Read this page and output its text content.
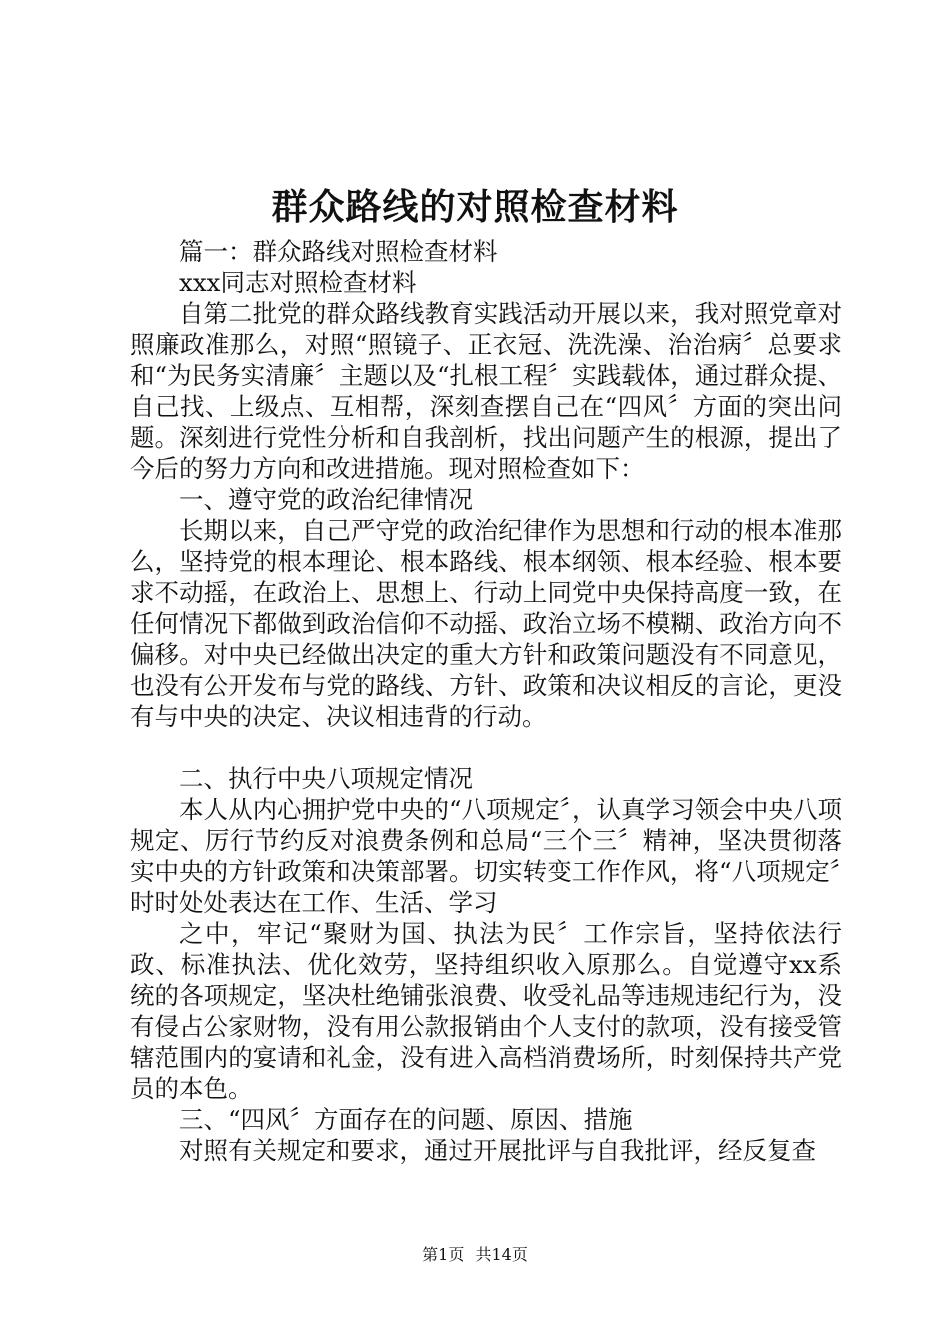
群众路线的对照检查材料

篇一：群众路线对照检查材料

xxx同志对照检查材料

自第二批党的群众路线教育实践活动开展以来，我对照党章对照廉政准那么，对照“照镜子、正衣冠、洗洗澡、治治病〞总要求和“为民务实清廉〞主题以及“扎根工程〞实践载体，通过群众提、自己找、上级点、互相帮，深刻查摆自己在“四风〞方面的突出问题。深刻进行党性分析和自我剖析，找出问题产生的根源，提出了今后的努力方向和改进措施。现对照检查如下：

一、遵守党的政治纪律情况

长期以来，自己严守党的政治纪律作为思想和行动的根本准那么，坚持党的根本理论、根本路线、根本纲领、根本经验、根本要求不动摇，在政治上、思想上、行动上同党中央保持高度一致，在任何情况下都做到政治信仰不动摇、政治立场不模糊、政治方向不偏移。对中央已经做出决定的重大方针和政策问题没有不同意见，也没有公开发布与党的路线、方针、政策和决议相反的言论，更没有与中央的决定、决议相违背的行动。

二、执行中央八项规定情况

本人从内心拥护党中央的“八项规定〞，认真学习领会中央八项规定、厉行节约反对浪费条例和总局“三个三〞精神，坚决贯彻落实中央的方针政策和决策部署。切实转变工作作风，将“八项规定〞时时处处表达在工作、生活、学习

之中，牢记“聚财为国、执法为民〞工作宗旨，坚持依法行政、标准执法、优化效劳，坚持组织收入原那么。自觉遵守xx系统的各项规定，坚决杜绝铺张浪费、收受礼品等违规违纪行为，没有侵占公家财物，没有用公款报销由个人支付的款项，没有接受管辖范围内的宴请和礼金，没有进入高档消费场所，时刻保持共产党员的本色。

三、“四风〞方面存在的问题、原因、措施

对照有关规定和要求，通过开展批评与自我批评，经反复查

第1页 共14页
